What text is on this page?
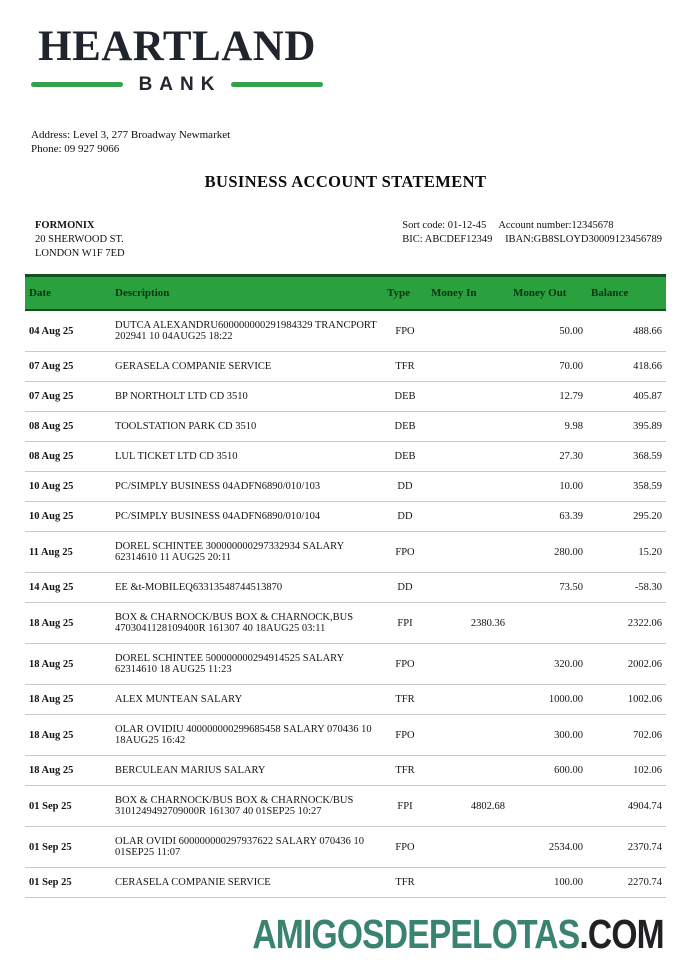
HEARTLAND
BANK
Address: Level 3, 277 Broadway Newmarket
Phone: 09 927 9066
BUSINESS ACCOUNT STATEMENT
FORMONIX
20 SHERWOOD ST.
LONDON W1F 7ED
Sort code: 01-12-45 Account number:12345678
BIC: ABCDEF12349 IBAN:GB8SLOYD30009123456789
Date	Description	Type	Money In	Money Out	Balance
04 Aug 25	DUTCA ALEXANDRU600000000291984329 TRANCPORT 202941 10 04AUG25 18:22	FPO		50.00	488.66
07 Aug 25	GERASELA COMPANIE SERVICE	TFR		70.00	418.66
07 Aug 25	BP NORTHOLT LTD CD 3510	DEB		12.79	405.87
08 Aug 25	TOOLSTATION PARK CD 3510	DEB		9.98	395.89
08 Aug 25	LUL TICKET LTD CD 3510	DEB		27.30	368.59
10 Aug 25	PC/SIMPLY BUSINESS 04ADFN6890/010/103	DD		10.00	358.59
10 Aug 25	PC/SIMPLY BUSINESS 04ADFN6890/010/104	DD		63.39	295.20
11 Aug 25	DOREL SCHINTEE 300000000297332934 SALARY 62314610 11 AUG25 20:11	FPO		280.00	15.20
14 Aug 25	EE &t-MOBILEQ63313548744513870	DD		73.50	-58.30
18 Aug 25	BOX & CHARNOCK/BUS BOX & CHARNOCK,BUS 4703041128109400R 161307 40 18AUG25 03:11	FPI	2380.36		2322.06
18 Aug 25	DOREL SCHINTEE 500000000294914525 SALARY 62314610 18 AUG25 11:23	FPO		320.00	2002.06
18 Aug 25	ALEX MUNTEAN SALARY	TFR		1000.00	1002.06
18 Aug 25	OLAR OVIDIU 400000000299685458 SALARY 070436 10 18AUG25 16:42	FPO		300.00	702.06
18 Aug 25	BERCULEAN MARIUS SALARY	TFR		600.00	102.06
01 Sep 25	BOX & CHARNOCK/BUS BOX & CHARNOCK/BUS 3101249492709000R 161307 40 01SEP25 10:27	FPI	4802.68		4904.74
01 Sep 25	OLAR OVIDI 600000000297937622 SALARY 070436 10 01SEP25 11:07	FPO		2534.00	2370.74
01 Sep 25	CERASELA COMPANIE SERVICE	TFR		100.00	2270.74
AMIGOSDEPELOTAS.COM
